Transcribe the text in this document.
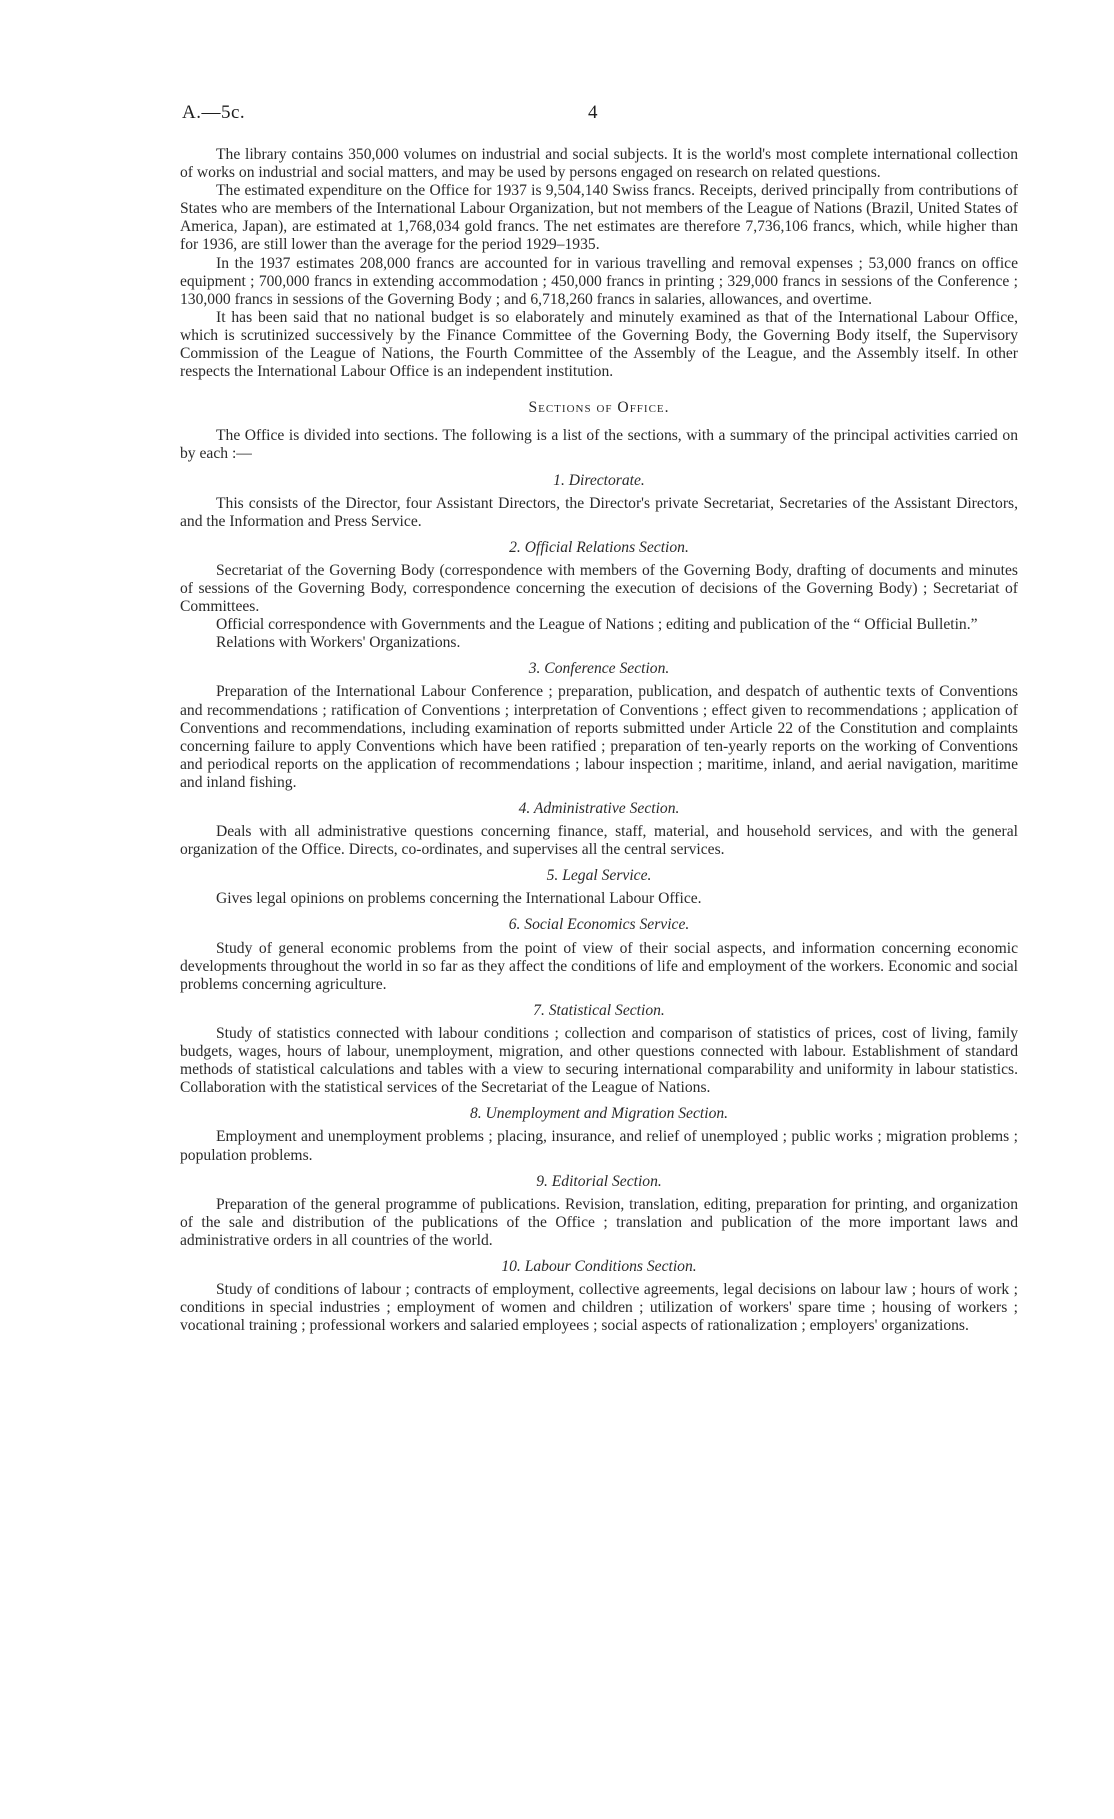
A.—5c.	4

The library contains 350,000 volumes on industrial and social subjects. It is the world's most complete international collection of works on industrial and social matters, and may be used by persons engaged on research on related questions.

The estimated expenditure on the Office for 1937 is 9,504,140 Swiss francs. Receipts, derived principally from contributions of States who are members of the International Labour Organization, but not members of the League of Nations (Brazil, United States of America, Japan), are estimated at 1,768,034 gold francs. The net estimates are therefore 7,736,106 francs, which, while higher than for 1936, are still lower than the average for the period 1929–1935.

In the 1937 estimates 208,000 francs are accounted for in various travelling and removal expenses ; 53,000 francs on office equipment ; 700,000 francs in extending accommodation ; 450,000 francs in printing ; 329,000 francs in sessions of the Conference ; 130,000 francs in sessions of the Governing Body ; and 6,718,260 francs in salaries, allowances, and overtime.

It has been said that no national budget is so elaborately and minutely examined as that of the International Labour Office, which is scrutinized successively by the Finance Committee of the Governing Body, the Governing Body itself, the Supervisory Commission of the League of Nations, the Fourth Committee of the Assembly of the League, and the Assembly itself. In other respects the International Labour Office is an independent institution.

Sections of Office.

The Office is divided into sections. The following is a list of the sections, with a summary of the principal activities carried on by each :—

1. Directorate.

This consists of the Director, four Assistant Directors, the Director's private Secretariat, Secretaries of the Assistant Directors, and the Information and Press Service.

2. Official Relations Section.

Secretariat of the Governing Body (correspondence with members of the Governing Body, drafting of documents and minutes of sessions of the Governing Body, correspondence concerning the execution of decisions of the Governing Body) ; Secretariat of Committees.

Official correspondence with Governments and the League of Nations ; editing and publication of the “ Official Bulletin.”

Relations with Workers' Organizations.

3. Conference Section.

Preparation of the International Labour Conference ; preparation, publication, and despatch of authentic texts of Conventions and recommendations ; ratification of Conventions ; interpretation of Conventions ; effect given to recommendations ; application of Conventions and recommendations, including examination of reports submitted under Article 22 of the Constitution and complaints concerning failure to apply Conventions which have been ratified ; preparation of ten-yearly reports on the working of Conventions and periodical reports on the application of recommendations ; labour inspection ; maritime, inland, and aerial navigation, maritime and inland fishing.

4. Administrative Section.

Deals with all administrative questions concerning finance, staff, material, and household services, and with the general organization of the Office. Directs, co-ordinates, and supervises all the central services.

5. Legal Service.

Gives legal opinions on problems concerning the International Labour Office.

6. Social Economics Service.

Study of general economic problems from the point of view of their social aspects, and information concerning economic developments throughout the world in so far as they affect the conditions of life and employment of the workers. Economic and social problems concerning agriculture.

7. Statistical Section.

Study of statistics connected with labour conditions ; collection and comparison of statistics of prices, cost of living, family budgets, wages, hours of labour, unemployment, migration, and other questions connected with labour. Establishment of standard methods of statistical calculations and tables with a view to securing international comparability and uniformity in labour statistics. Collaboration with the statistical services of the Secretariat of the League of Nations.

8. Unemployment and Migration Section.

Employment and unemployment problems ; placing, insurance, and relief of unemployed ; public works ; migration problems ; population problems.

9. Editorial Section.

Preparation of the general programme of publications. Revision, translation, editing, preparation for printing, and organization of the sale and distribution of the publications of the Office ; translation and publication of the more important laws and administrative orders in all countries of the world.

10. Labour Conditions Section.

Study of conditions of labour ; contracts of employment, collective agreements, legal decisions on labour law ; hours of work ; conditions in special industries ; employment of women and children ; utilization of workers' spare time ; housing of workers ; vocational training ; professional workers and salaried employees ; social aspects of rationalization ; employers' organizations.
